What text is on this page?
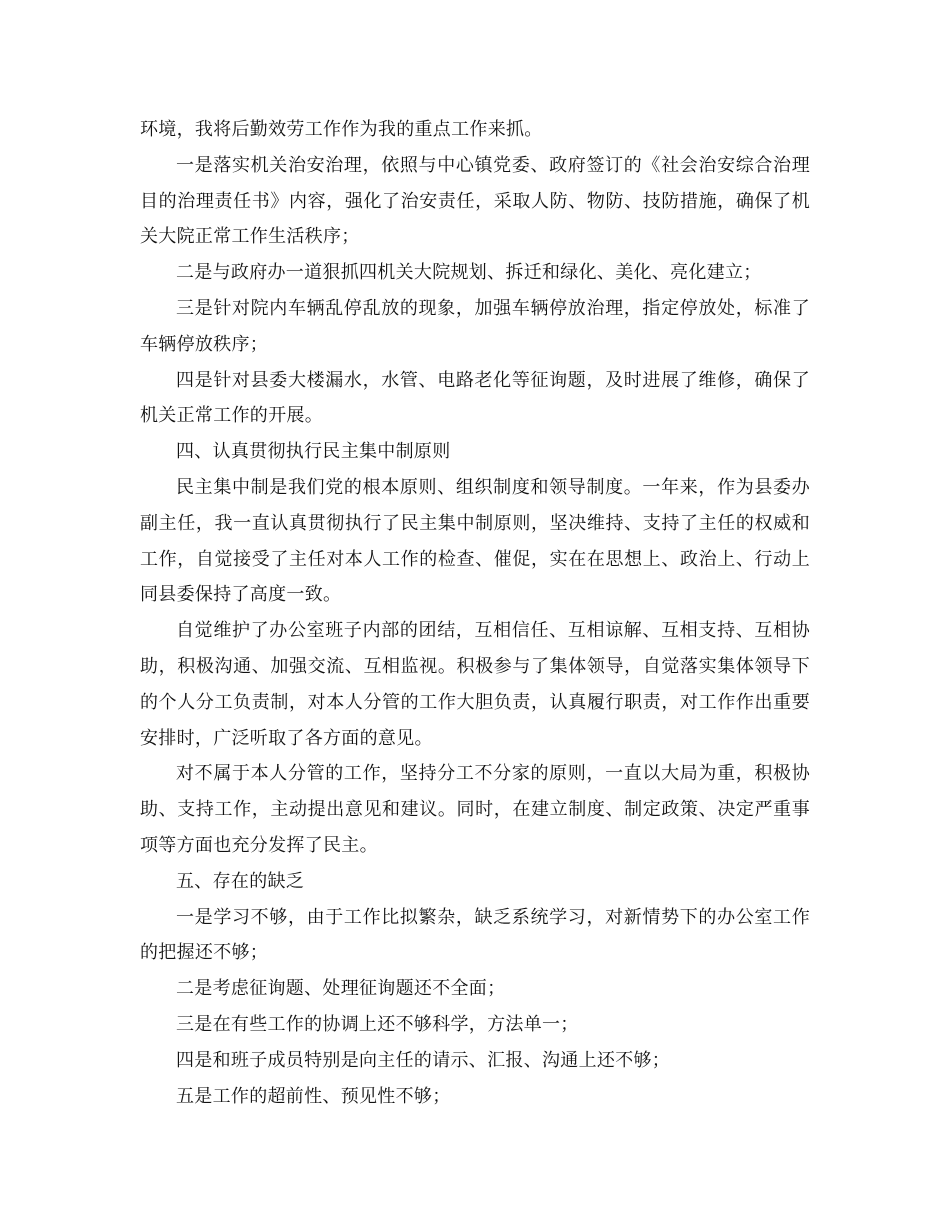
环境，我将后勤效劳工作作为我的重点工作来抓。

一是落实机关治安治理，依照与中心镇党委、政府签订的《社会治安综合治理目的治理责任书》内容，强化了治安责任，采取人防、物防、技防措施，确保了机关大院正常工作生活秩序；

二是与政府办一道狠抓四机关大院规划、拆迁和绿化、美化、亮化建立；

三是针对院内车辆乱停乱放的现象，加强车辆停放治理，指定停放处，标准了车辆停放秩序；

四是针对县委大楼漏水，水管、电路老化等征询题，及时进展了维修，确保了机关正常工作的开展。

四、认真贯彻执行民主集中制原则

民主集中制是我们党的根本原则、组织制度和领导制度。一年来，作为县委办副主任，我一直认真贯彻执行了民主集中制原则，坚决维持、支持了主任的权威和工作，自觉接受了主任对本人工作的检查、催促，实在在思想上、政治上、行动上同县委保持了高度一致。

自觉维护了办公室班子内部的团结，互相信任、互相谅解、互相支持、互相协助，积极沟通、加强交流、互相监视。积极参与了集体领导，自觉落实集体领导下的个人分工负责制，对本人分管的工作大胆负责，认真履行职责，对工作作出重要安排时，广泛听取了各方面的意见。

对不属于本人分管的工作，坚持分工不分家的原则，一直以大局为重，积极协助、支持工作，主动提出意见和建议。同时，在建立制度、制定政策、决定严重事项等方面也充分发挥了民主。

五、存在的缺乏

一是学习不够，由于工作比拟繁杂，缺乏系统学习，对新情势下的办公室工作的把握还不够；

二是考虑征询题、处理征询题还不全面；

三是在有些工作的协调上还不够科学，方法单一；

四是和班子成员特别是向主任的请示、汇报、沟通上还不够；

五是工作的超前性、预见性不够；
